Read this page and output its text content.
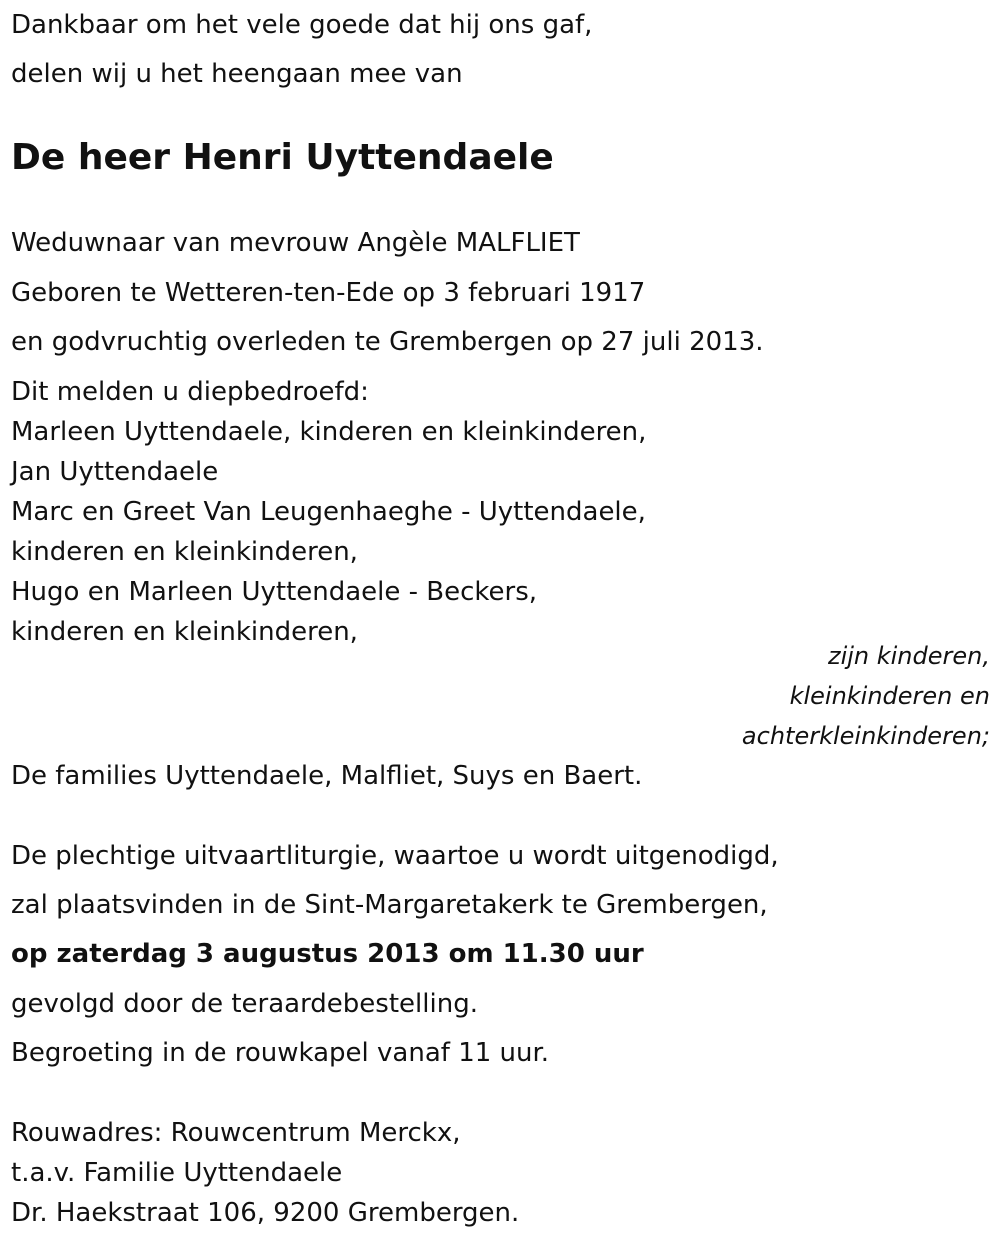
Dankbaar om het vele goede dat hij ons gaf,

delen wij u het heengaan mee van

De heer Henri Uyttendaele

Weduwnaar van mevrouw Angèle MALFLIET

Geboren te Wetteren-ten-Ede op 3 februari 1917

en godvruchtig overleden te Grembergen op 27 juli 2013.

Dit melden u diepbedroefd:

Marleen Uyttendaele, kinderen en kleinkinderen,

Jan Uyttendaele

Marc en Greet Van Leugenhaeghe - Uyttendaele,

kinderen en kleinkinderen,

Hugo en Marleen Uyttendaele - Beckers,

kinderen en kleinkinderen,

zijn kinderen,

kleinkinderen en

achterkleinkinderen;

De families Uyttendaele, Malfliet, Suys en Baert.

De plechtige uitvaartliturgie, waartoe u wordt uitgenodigd,

zal plaatsvinden in de Sint-Margaretakerk te Grembergen,

op zaterdag 3 augustus 2013 om 11.30 uur

gevolgd door de teraardebestelling.

Begroeting in de rouwkapel vanaf 11 uur.

Rouwadres: Rouwcentrum Merckx,

t.a.v. Familie Uyttendaele

Dr. Haekstraat 106, 9200 Grembergen.
